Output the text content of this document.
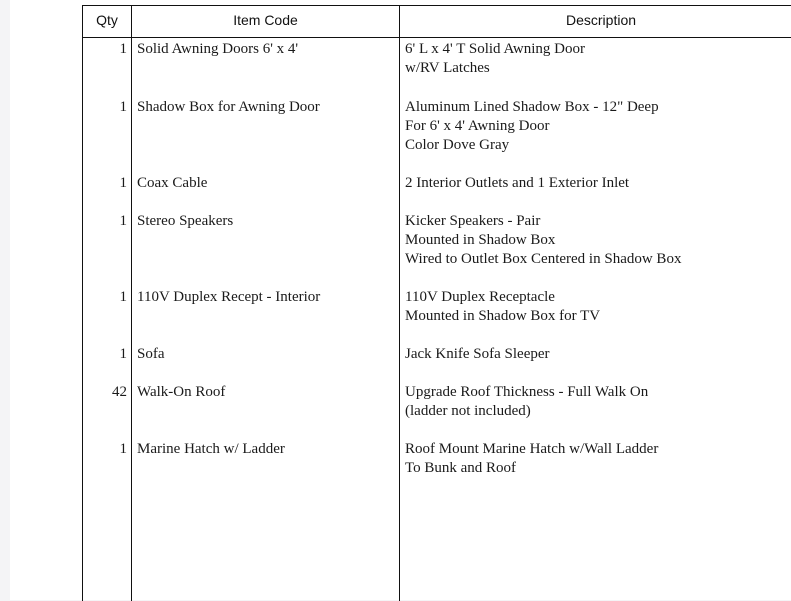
Qty	Item Code	Description
1 Solid Awning Doors 6' x 4'	6' L x 4' T Solid Awning Door
w/RV Latches
1 Shadow Box for Awning Door	Aluminum Lined Shadow Box - 12" Deep
For 6' x 4' Awning Door
Color Dove Gray
1 Coax Cable	2 Interior Outlets and 1 Exterior Inlet
1 Stereo Speakers	Kicker Speakers - Pair
Mounted in Shadow Box
Wired to Outlet Box Centered in Shadow Box
1 110V Duplex Recept - Interior	110V Duplex Receptacle
Mounted in Shadow Box for TV
1 Sofa	Jack Knife Sofa Sleeper
42 Walk-On Roof	Upgrade Roof Thickness - Full Walk On
(ladder not included)
1 Marine Hatch w/ Ladder	Roof Mount Marine Hatch w/Wall Ladder
To Bunk and Roof
